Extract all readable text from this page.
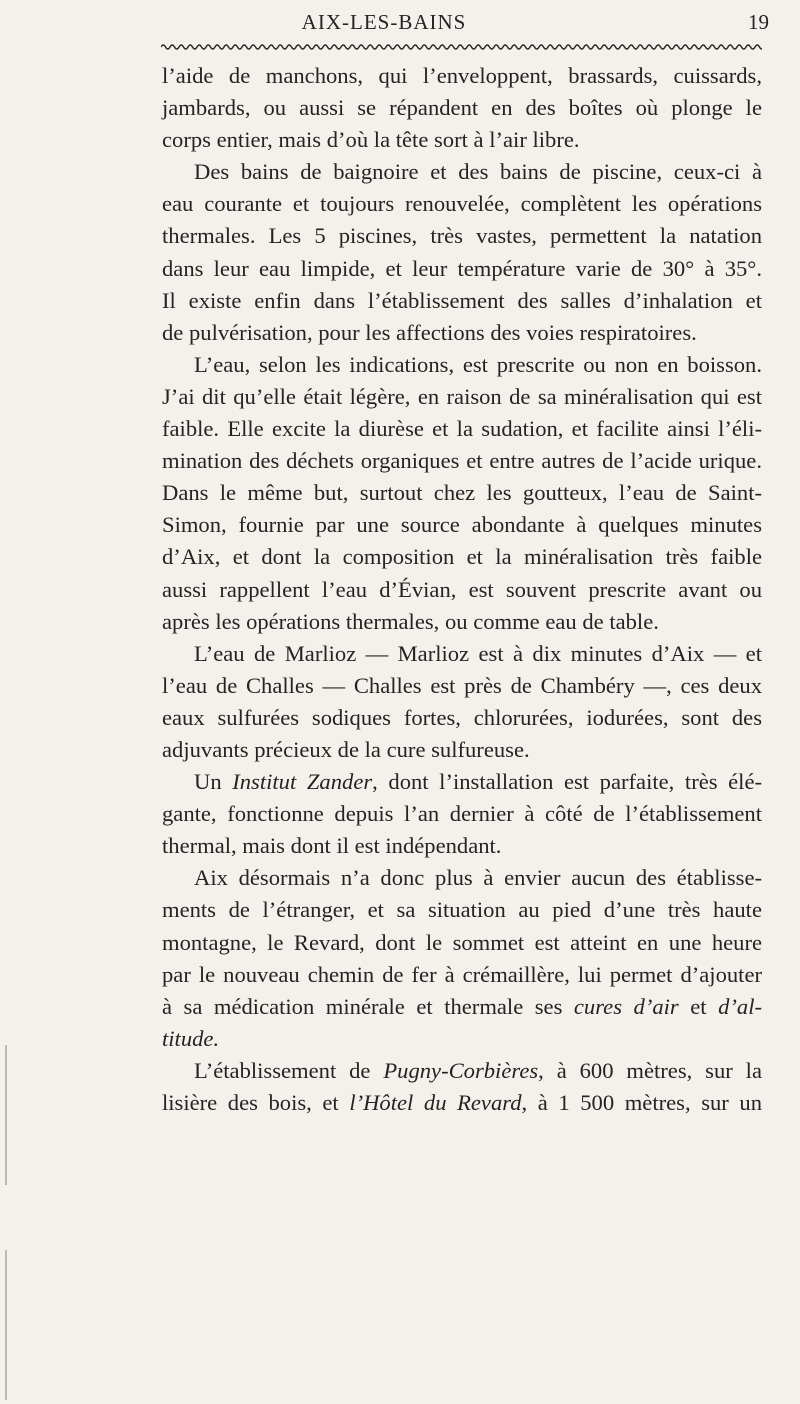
AIX-LES-BAINS	19
l’aide de manchons, qui l’enveloppent, brassards, cuissards,
jambards, ou aussi se répandent en des boîtes où plonge le
corps entier, mais d’où la tête sort à l’air libre.
Des bains de baignoire et des bains de piscine, ceux-ci à
eau courante et toujours renouvelée, complètent les opérations
thermales. Les 5 piscines, très vastes, permettent la natation
dans leur eau limpide, et leur température varie de 30° à 35°.
Il existe enfin dans l’établissement des salles d’inhalation et
de pulvérisation, pour les affections des voies respiratoires.
L’eau, selon les indications, est prescrite ou non en boisson.
J’ai dit qu’elle était légère, en raison de sa minéralisation qui est
faible. Elle excite la diurèse et la sudation, et facilite ainsi l’éli-
mination des déchets organiques et entre autres de l’acide urique.
Dans le même but, surtout chez les goutteux, l’eau de Saint-
Simon, fournie par une source abondante à quelques minutes
d’Aix, et dont la composition et la minéralisation très faible
aussi rappellent l’eau d’Évian, est souvent prescrite avant ou
après les opérations thermales, ou comme eau de table.
L’eau de Marlioz — Marlioz est à dix minutes d’Aix — et
l’eau de Challes — Challes est près de Chambéry —, ces deux
eaux sulfurées sodiques fortes, chlorurées, iodurées, sont des
adjuvants précieux de la cure sulfureuse.
Un Institut Zander, dont l’installation est parfaite, très élé-
gante, fonctionne depuis l’an dernier à côté de l’établissement
thermal, mais dont il est indépendant.
Aix désormais n’a donc plus à envier aucun des établisse-
ments de l’étranger, et sa situation au pied d’une très haute
montagne, le Revard, dont le sommet est atteint en une heure
par le nouveau chemin de fer à crémaillère, lui permet d’ajouter
à sa médication minérale et thermale ses cures d’air et d’al-
titude.
L’établissement de Pugny-Corbières, à 600 mètres, sur la
lisière des bois, et l’Hôtel du Revard, à 1 500 mètres, sur un
